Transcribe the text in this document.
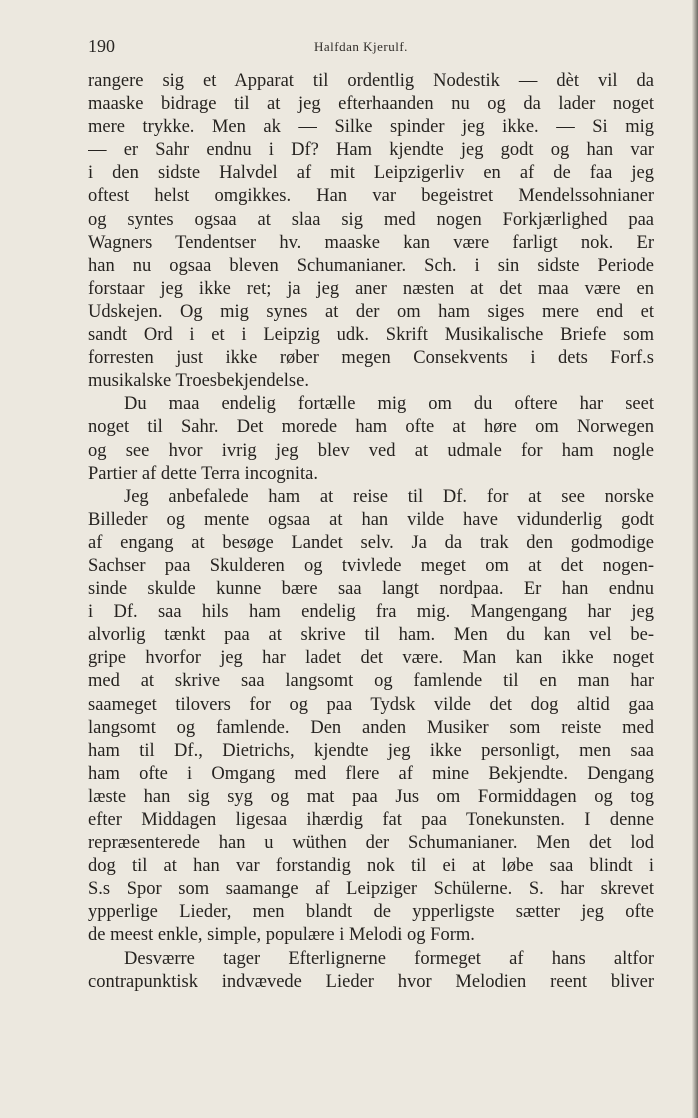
190	Halfdan Kjerulf.
rangere sig et Apparat til ordentlig Nodestik — dèt vil da
maaske bidrage til at jeg efterhaanden nu og da lader noget
mere trykke. Men ak — Silke spinder jeg ikke. — Si mig
— er Sahr endnu i Df? Ham kjendte jeg godt og han var
i den sidste Halvdel af mit Leipzigerliv en af de faa jeg
oftest helst omgikkes. Han var begeistret Mendelssohnianer
og syntes ogsaa at slaa sig med nogen Forkjærlighed paa
Wagners Tendentser hv. maaske kan være farligt nok. Er
han nu ogsaa bleven Schumanianer. Sch. i sin sidste Periode
forstaar jeg ikke ret; ja jeg aner næsten at det maa være en
Udskejen. Og mig synes at der om ham siges mere end et
sandt Ord i et i Leipzig udk. Skrift Musikalische Briefe som
forresten just ikke røber megen Consekvents i dets Forf.s
musikalske Troesbekjendelse.
Du maa endelig fortælle mig om du oftere har seet
noget til Sahr. Det morede ham ofte at høre om Norwegen
og see hvor ivrig jeg blev ved at udmale for ham nogle
Partier af dette Terra incognita.
Jeg anbefalede ham at reise til Df. for at see norske
Billeder og mente ogsaa at han vilde have vidunderlig godt
af engang at besøge Landet selv. Ja da trak den godmodige
Sachser paa Skulderen og tvivlede meget om at det nogen-
sinde skulde kunne bære saa langt nordpaa. Er han endnu
i Df. saa hils ham endelig fra mig. Mangengang har jeg
alvorlig tænkt paa at skrive til ham. Men du kan vel be-
gripe hvorfor jeg har ladet det være. Man kan ikke noget
med at skrive saa langsomt og famlende til en man har
saameget tilovers for og paa Tydsk vilde det dog altid gaa
langsomt og famlende. Den anden Musiker som reiste med
ham til Df., Dietrichs, kjendte jeg ikke personligt, men saa
ham ofte i Omgang med flere af mine Bekjendte. Dengang
læste han sig syg og mat paa Jus om Formiddagen og tog
efter Middagen ligesaa ihærdig fat paa Tonekunsten. I denne
repræsenterede han u wüthen der Schumanianer. Men det lod
dog til at han var forstandig nok til ei at løbe saa blindt i
S.s Spor som saamange af Leipziger Schülerne. S. har skrevet
ypperlige Lieder, men blandt de ypperligste sætter jeg ofte
de meest enkle, simple, populære i Melodi og Form.
Desværre tager Efterlignerne formeget af hans altfor
contrapunktisk indvævede Lieder hvor Melodien reent bliver
